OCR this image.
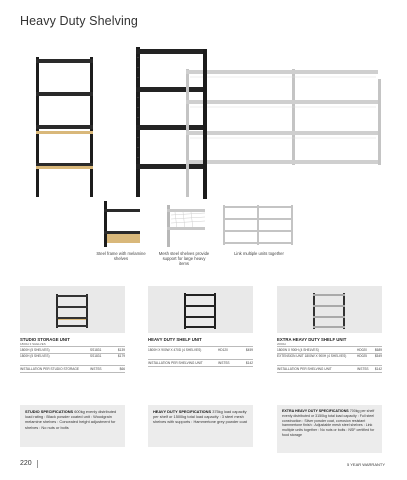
Heavy Duty Shelving
Steel frame with melamine shelves
Mesh steel shelves provide support for large heavy items
Link multiple units together
STUDIO STORAGE UNIT
1800H 3 SHELVES
1800H (5 SHELVES)	SS1831	$139
1800H (5 SHELVES)	SS1831	$179
INSTALLATION PER STUDIO STORAGE	INSTSS	$66
HEAVY DUTY SHELF UNIT
1800H X 900W X 470D (4 SHELVES)	HD120	$459
INSTALLATION PER SHELVING UNIT	INSTSS	$142
EXTRA HEAVY DUTY SHELF UNIT
2000H
1800W X 900H (4 SHELVES)	HD020 $689
EXTENSION UNIT 1800W X 900H (4 SHELVES)	HD025 $549
INSTALLATION PER SHELVING UNIT	INSTSS $142
STUDIO SPECIFICATIONS 600kg evenly distributed load rating : Black powder coated unit : Woodgrain melamine shelves : Concealed height adjustment for shelves : No nuts or bolts
HEAVY DUTY SPECIFICATIONS 375kg load capacity per shelf or 1500kg total load capacity : 3 steel mesh shelves with supports : Hammertone grey powder coat
EXTRA HEAVY DUTY SPECIFICATIONS 700kg per shelf evenly distributed or 3150kg total load capacity : Full steel construction : Silver powder coat, corrosion resistant hammertone finish : Adjustable mesh steel shelves : Link multiple units together : No nuts or bolts : NSF certified for food storage
220	5 YEAR WARRANTY
